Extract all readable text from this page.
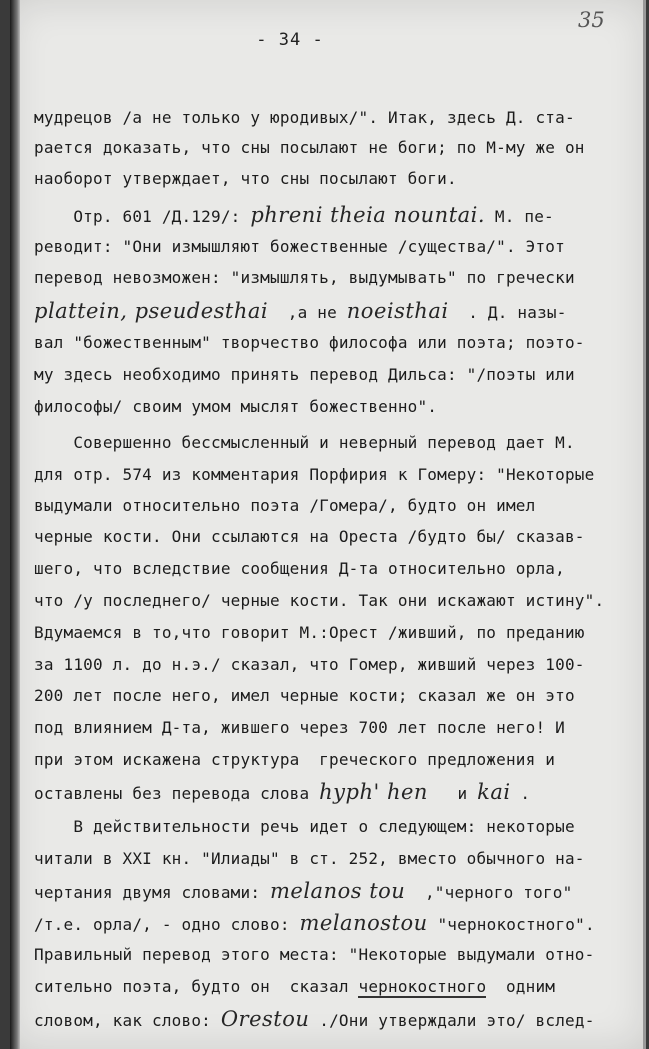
- 34 -
35
мудрецов /а не только у юродивых/". Итак, здесь Д. ста-
рается доказать, что сны посылают не боги; по М-му же он
наоборот утверждает, что сны посылают боги.
Отр. 601 /Д.129/: phreni theia nountai. М. пе-
реводит: "Они измышляют божественные /существа/". Этот
перевод невозможен: "измышлять, выдумывать" по гречески
plattein, pseudesthai  ,а не noeisthai  . Д. назы-
вал "божественным" творчество философа или поэта; поэто-
му здесь необходимо принять перевод Дильса: "/поэты или
философы/ своим умом мыслят божественно".
Совершенно бессмысленный и неверный перевод дает М.
для отр. 574 из комментария Порфирия к Гомеру: "Некоторые
выдумали относительно поэта /Гомера/, будто он имел
черные кости. Они ссылаются на Ореста /будто бы/ сказав-
шего, что вследствие сообщения Д-та относительно орла,
что /у последнего/ черные кости. Так они искажают истину".
Вдумаемся в то,что говорит М.:Орест /живший, по преданию
за 1100 л. до н.э./ сказал, что Гомер, живший через 100-
200 лет после него, имел черные кости; сказал же он это
под влиянием Д-та, жившего через 700 лет после него! И
при этом искажена структура  греческого предложения и
оставлены без перевода слова hyph' hen   и kai .
В действительности речь идет о следующем: некоторые
читали в XXI кн. "Илиады" в ст. 252, вместо обычного на-
чертания двумя словами: melanos tou  ,"черного того"
/т.е. орла/, - одно слово: melanostou "чернокостного".
Правильный перевод этого места: "Некоторые выдумали отно-
сительно поэта, будто он  сказал чернокостного  одним
словом, как слово: Orestou ./Они утверждали это/ вслед-
